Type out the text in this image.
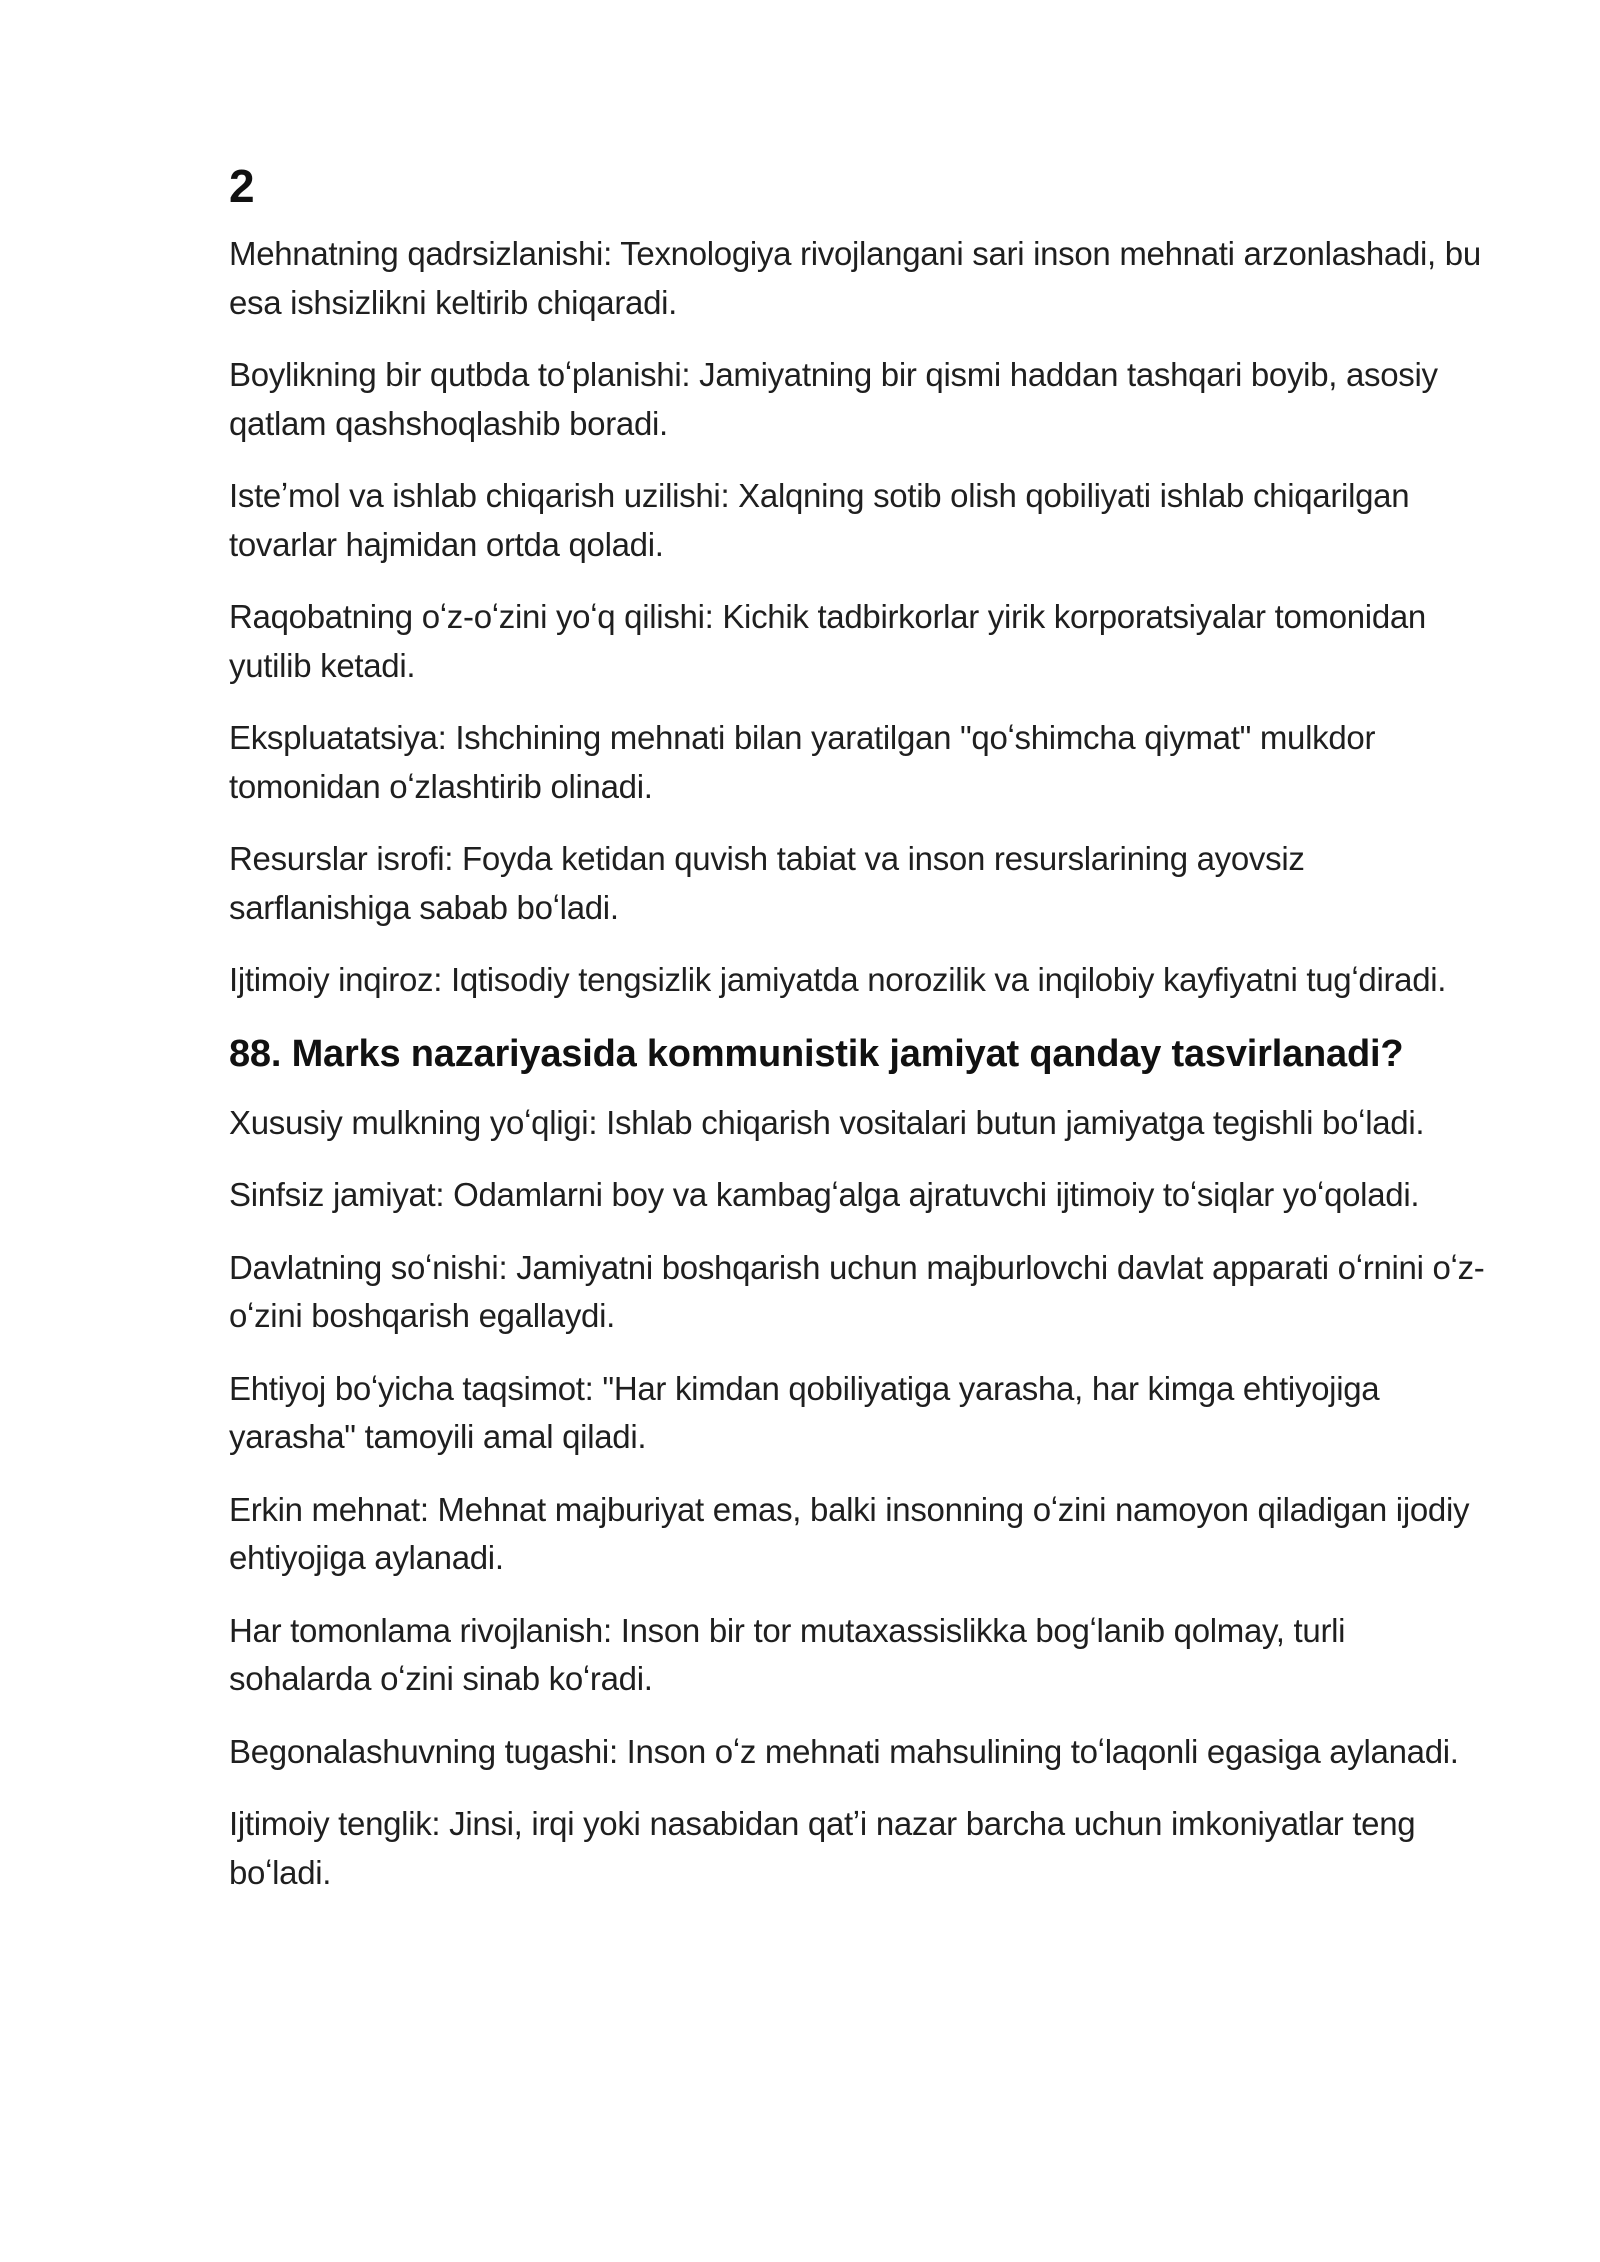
2

Mehnatning qadrsizlanishi: Texnologiya rivojlangani sari inson mehnati arzonlashadi, bu esa ishsizlikni keltirib chiqaradi.

Boylikning bir qutbda toʻplanishi: Jamiyatning bir qismi haddan tashqari boyib, asosiy qatlam qashshoqlashib boradi.

Isteʼmol va ishlab chiqarish uzilishi: Xalqning sotib olish qobiliyati ishlab chiqarilgan tovarlar hajmidan ortda qoladi.

Raqobatning oʻz-oʻzini yoʻq qilishi: Kichik tadbirkorlar yirik korporatsiyalar tomonidan yutilib ketadi.

Ekspluatatsiya: Ishchining mehnati bilan yaratilgan "qoʻshimcha qiymat" mulkdor tomonidan oʻzlashtirib olinadi.

Resurslar isrofi: Foyda ketidan quvish tabiat va inson resurslarining ayovsiz sarflanishiga sabab boʻladi.

Ijtimoiy inqiroz: Iqtisodiy tengsizlik jamiyatda norozilik va inqilobiy kayfiyatni tugʻdiradi.

88. Marks nazariyasida kommunistik jamiyat qanday tasvirlanadi?

Xususiy mulkning yoʻqligi: Ishlab chiqarish vositalari butun jamiyatga tegishli boʻladi.

Sinfsiz jamiyat: Odamlarni boy va kambagʻalga ajratuvchi ijtimoiy toʻsiqlar yoʻqoladi.

Davlatning soʻnishi: Jamiyatni boshqarish uchun majburlovchi davlat apparati oʻrnini oʻz-oʻzini boshqarish egallaydi.

Ehtiyoj boʻyicha taqsimot: "Har kimdan qobiliyatiga yarasha, har kimga ehtiyojiga yarasha" tamoyili amal qiladi.

Erkin mehnat: Mehnat majburiyat emas, balki insonning oʻzini namoyon qiladigan ijodiy ehtiyojiga aylanadi.

Har tomonlama rivojlanish: Inson bir tor mutaxassislikka bogʻlanib qolmay, turli sohalarda oʻzini sinab koʻradi.

Begonalashuvning tugashi: Inson oʻz mehnati mahsulining toʻlaqonli egasiga aylanadi.

Ijtimoiy tenglik: Jinsi, irqi yoki nasabidan qatʼi nazar barcha uchun imkoniyatlar teng boʻladi.
